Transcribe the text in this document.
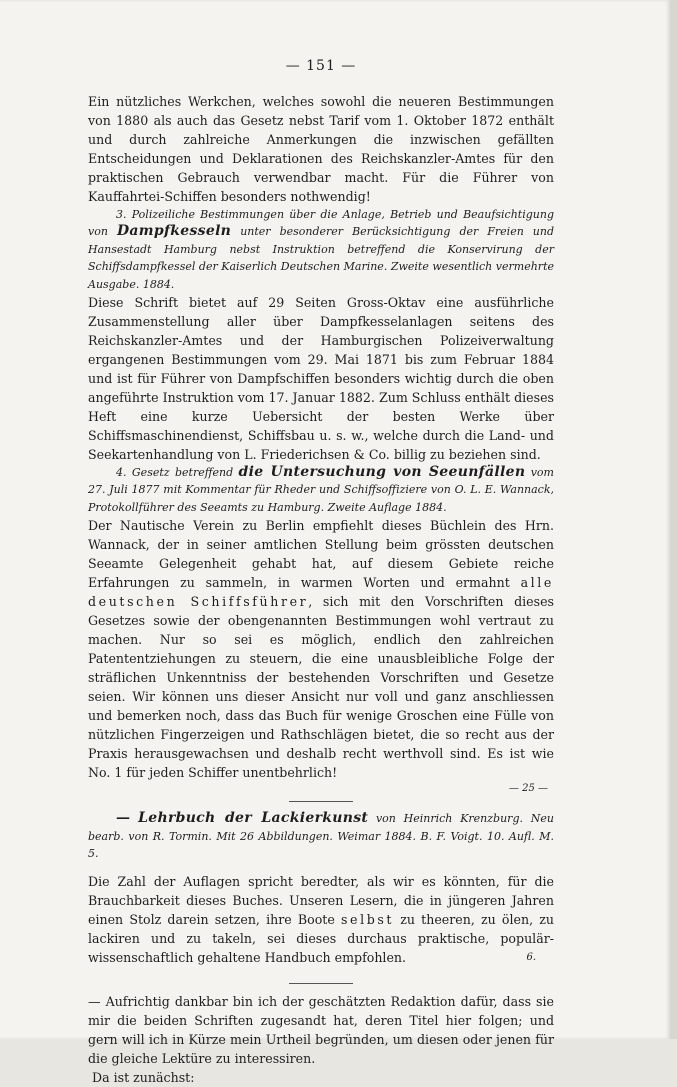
— 151 —

Ein nützliches Werkchen, welches sowohl die neueren Bestimmungen von 1880 als auch das Gesetz nebst Tarif vom 1. Oktober 1872 enthält und durch zahlreiche Anmerkungen die inzwischen gefällten Entscheidungen und Deklarationen des Reichskanzler-Amtes für den praktischen Gebrauch verwendbar macht. Für die Führer von Kauffahrtei-Schiffen besonders nothwendig!

3. Polizeiliche Bestimmungen über die Anlage, Betrieb und Beaufsichtigung von Dampfkesseln unter besonderer Berücksichtigung der Freien und Hansestadt Hamburg nebst Instruktion betreffend die Konservirung der Schiffsdampfkessel der Kaiserlich Deutschen Marine. Zweite wesentlich vermehrte Ausgabe. 1884.

Diese Schrift bietet auf 29 Seiten Gross-Oktav eine ausführliche Zusammenstellung aller über Dampfkesselanlagen seitens des Reichskanzler-Amtes und der Hamburgischen Polizeiverwaltung ergangenen Bestimmungen vom 29. Mai 1871 bis zum Februar 1884 und ist für Führer von Dampfschiffen besonders wichtig durch die oben angeführte Instruktion vom 17. Januar 1882. Zum Schluss enthält dieses Heft eine kurze Uebersicht der besten Werke über Schiffsmaschinendienst, Schiffsbau u. s. w., welche durch die Land- und Seekartenhandlung von L. Friederichsen & Co. billig zu beziehen sind.

4. Gesetz betreffend die Untersuchung von Seeunfällen vom 27. Juli 1877 mit Kommentar für Rheder und Schiffsoffiziere von O. L. E. Wannack, Protokollführer des Seeamts zu Hamburg. Zweite Auflage 1884.

Der Nautische Verein zu Berlin empfiehlt dieses Büchlein des Hrn. Wannack, der in seiner amtlichen Stellung beim grössten deutschen Seeamte Gelegenheit gehabt hat, auf diesem Gebiete reiche Erfahrungen zu sammeln, in warmen Worten und ermahnt alle deutschen Schiffsführer, sich mit den Vorschriften dieses Gesetzes sowie der obengenannten Bestimmungen wohl vertraut zu machen. Nur so sei es möglich, endlich den zahlreichen Patententziehungen zu steuern, die eine unausbleibliche Folge der sträflichen Unkenntniss der bestehenden Vorschriften und Gesetze seien. Wir können uns dieser Ansicht nur voll und ganz anschliessen und bemerken noch, dass das Buch für wenige Groschen eine Fülle von nützlichen Fingerzeigen und Rathschlägen bietet, die so recht aus der Praxis herausgewachsen und deshalb recht werthvoll sind. Es ist wie No. 1 für jeden Schiffer unentbehrlich!

— 25 —
— Lehrbuch der Lackierkunst von Heinrich Krenzburg. Neu bearb. von R. Tormin. Mit 26 Abbildungen. Weimar 1884. B. F. Voigt. 10. Aufl. M. 5.

Die Zahl der Auflagen spricht beredter, als wir es könnten, für die Brauchbarkeit dieses Buches. Unseren Lesern, die in jüngeren Jahren einen Stolz darein setzen, ihre Boote selbst zu theeren, zu ölen, zu lackiren und zu takeln, sei dieses durchaus praktische, populär-wissenschaftlich gehaltene Handbuch empfohlen.	6.

— Aufrichtig dankbar bin ich der geschätzten Redaktion dafür, dass sie mir die beiden Schriften zugesandt hat, deren Titel hier folgen; und gern will ich in Kürze mein Urtheil begründen, um diesen oder jenen für die gleiche Lektüre zu interessiren.

Da ist zunächst:
